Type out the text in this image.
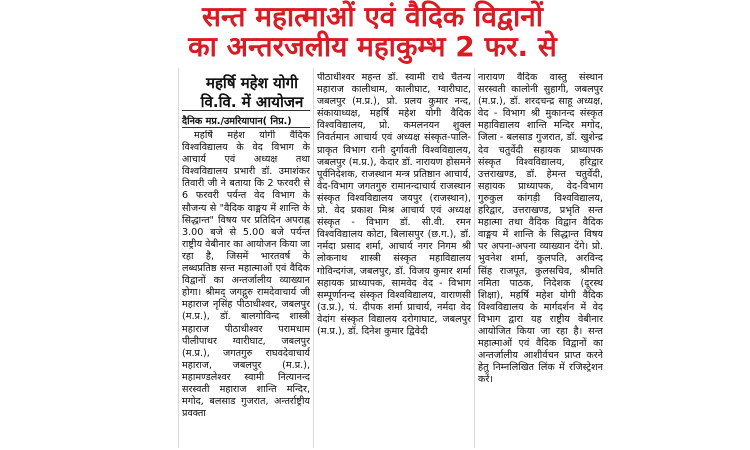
सन्त महात्माओं एवं वैदिक विद्वानों
का अन्तरजलीय महाकुम्भ 2 फर. से
महर्षि महेश योगी
वि.वि. में आयोजन

दैनिक मप्र./उमरियापान( निप्र.)

महर्षि महेश योगी वैदिक विश्वविद्यालय के वेद विभाग के आचार्य एवं अध्यक्ष तथा विश्वविद्यालय प्रभारी डॉ. उमाशंकर तिवारी जी ने बताया कि 2 फरवरी से 6 फरवरी पर्यन्त वेद विभाग के सौजन्य से "वैदिक वाङ्मय में शान्ति के सिद्धान्त" विषय पर प्रतिदिन अपराह्न 3.00 बजे से 5.00 बजे पर्यन्त राष्ट्रीय वेबीनार का आयोजन किया जा रहा है, जिसमें भारतवर्ष के लब्धप्रतिष्ठ सन्त महात्माओं एवं वैदिक विद्वानों का अन्तर्जालीय व्याख्यान होगा। श्रीमद् जगद्गुरु रामदेवाचार्य जी महाराज नृसिंह पीठाधीश्वर, जबलपुर (म.प्र.), डॉ. बालगोविन्द शास्त्री महाराज पीठाधीश्वर परामधाम पीलीपाथर ग्वारीघाट, जबलपुर (म.प्र.), जगतगुरु राघवदेवाचार्य महाराज, जबलपुर (म.प्र.), महामण्डलेश्वर स्वामी नित्यानन्द सरस्वती महाराज शान्ति मन्दिर, मगोद, बलसाड गुजरात, अन्तर्राष्ट्रीय प्रवक्ता

पीठाधीश्वर महन्त डॉ. स्वामी राधे चैतन्य महाराज कालीधाम, कालीघाट, ग्वारीघाट, जबलपुर (म.प्र.), प्रो. प्रलय कुमार नन्द, संकायाध्यक्ष, महर्षि महेश योगी वैदिक विश्वविद्यालय, प्रो. कमलनयन शुक्ल निवर्तमान आचार्य एवं अध्यक्ष संस्कृत-पालि-प्राकृत विभाग रानी दुर्गावती विश्वविद्यालय, जबलपुर (म.प्र.), केदार डॉ. नारायण होसमने पूर्वनिदेशक, राजस्थान मन्त्र प्रतिष्ठान आचार्य, वेद-विभाग जगतगुरु रामानन्दाचार्य राजस्थान संस्कृत विश्वविद्यालय जयपुर (राजस्थान), प्रो. वेद प्रकाश मिश्र आचार्य एवं अध्यक्ष संस्कृत - विभाग डॉ. सी.वी. रमन विश्वविद्यालय कोटा, बिलासपुर (छ.ग.), डॉ. नर्मदा प्रसाद शर्मा, आचार्य नगर निगम श्री लोकनाथ शास्त्री संस्कृत महाविद्यालय गोविन्दगंज, जबलपुर, डॉ. विजय कुमार शर्मा सहायक प्राध्यापक, सामवेद वेद - विभाग सम्पूर्णानन्द संस्कृत विश्वविद्यालय, वाराणसी (उ.प्र.), पं. दीपक शर्मा प्राचार्य, नर्मदा वेद वेदांग संस्कृत विद्यालय दरोगाघाट, जबलपुर (म.प्र.), डॉ. दिनेश कुमार द्विवेदी

नारायण वैदिक वास्तु संस्थान सरस्वती कालोनी सुहागी, जबलपुर (म.प्र.), डॉ. शरदचन्द्र साहू अध्यक्ष, वेद - विभाग श्री मुकानन्द संस्कृत महाविद्यालय शान्ति मन्दिर मगोद, जिला - बलसाड गुजरात, डॉ. खुशेन्द्र देव चतुर्वेदी सहायक प्राध्यापक संस्कृत विश्वविद्यालय, हरिद्वार उत्तराखण्ड, डॉ. हेमन्त चतुर्वेदी, सहायक प्राध्यापक, वेद-विभाग गुरुकुल कांगड़ी विश्वविद्यालय, हरिद्वार, उत्तराखण्ड, प्रभृति सन्त महात्मा तथा वैदिक विद्वान वैदिक वाङ्मय में शान्ति के सिद्धान्त विषय पर अपना-अपना व्याख्यान देंगे। प्रो. भुवनेश शर्मा, कुलपति, अरविन्द सिंह राजपूत, कुलसचिव, श्रीमति नमिता पाठक, निदेशक (दूरस्थ शिक्षा), महर्षि महेश योगी वैदिक विश्वविद्यालय के मार्गदर्शन में वेद विभाग द्वारा यह राष्ट्रीय वेबीनार आयोजित किया जा रहा है। सन्त महात्माओं एवं वैदिक विद्वानों का अन्तर्जालीय आशीर्वचन प्राप्त करने हेतु निम्नलिखित लिंक में रजिस्ट्रेशन करें।
